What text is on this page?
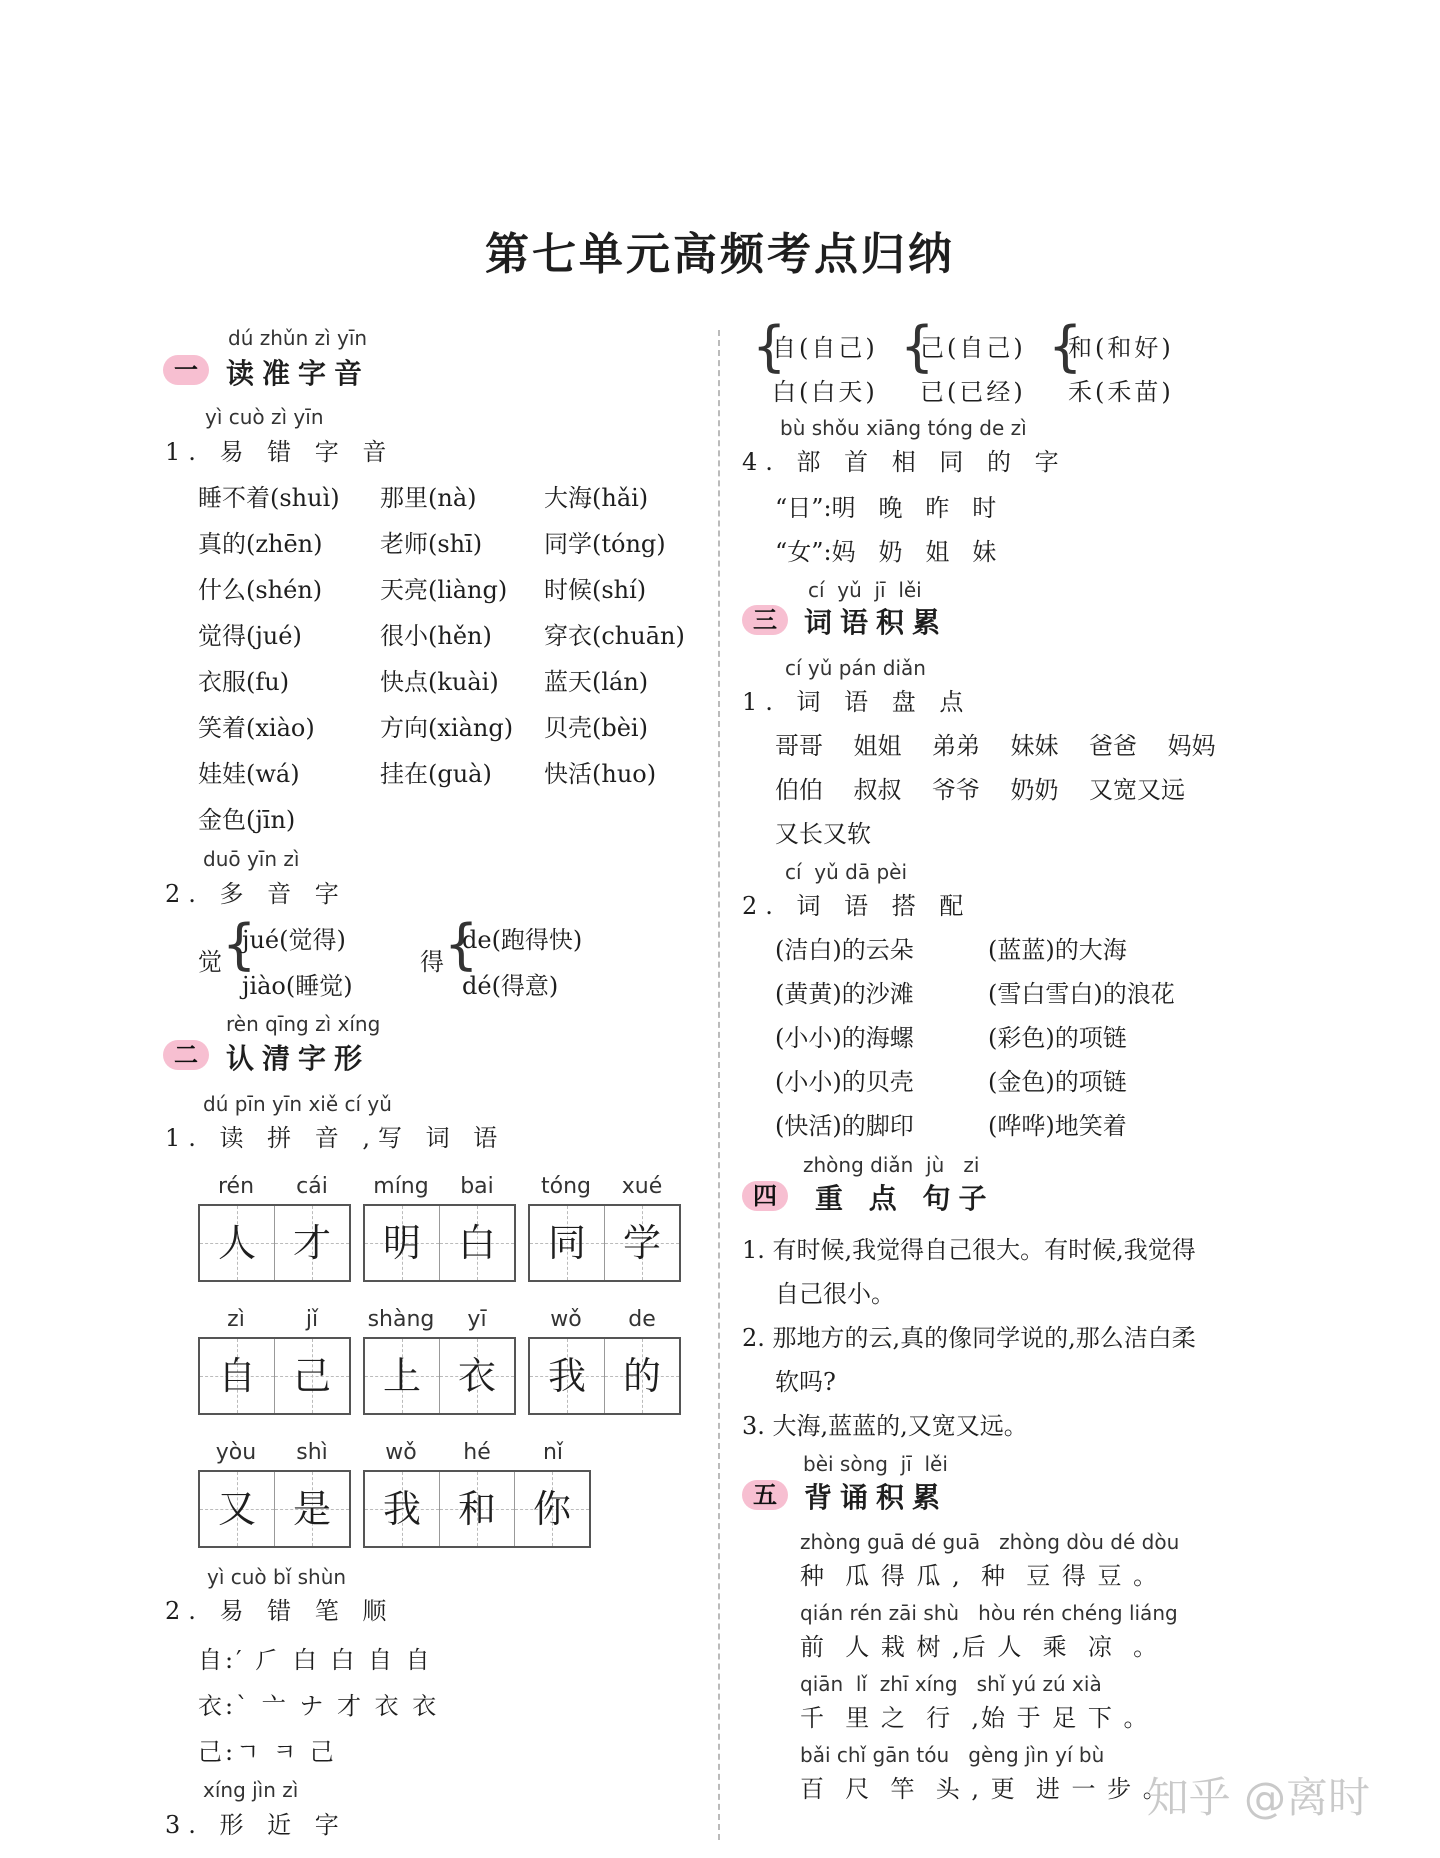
第七单元高频考点归纳
dú zhǔn zì yīn
一	读准字音
yì cuò zì yīn
1. 易 错 字 音
睡不着(shuì) 那里(nà)	大海(hǎi)
真的(zhēn) 老师(shī)	同学(tóng)
什么(shén) 天亮(liàng) 时候(shí)
觉得(jué)	很小(hěn) 穿衣(chuān)
衣服(fu)	快点(kuài) 蓝天(lán)
笑着(xiào)	方向(xiàng) 贝壳(bèi)
娃娃(wá)	挂在(guà) 快活(huo)
金色(jīn)
duō yīn zì
2. 多 音 字
觉 {
jué(觉得)
jiào(睡觉)
得 {
de(跑得快)
dé(得意)
rèn qīng zì xíng
二	认清字形
dú pīn yīn xiě cí yǔ
1. 读 拼 音 ,写 词 语
rén	cái
人 才
míng	bai
明 白
tóng	xué
同 学
zì	jǐ
自 己
shàng	yī
上 衣
wǒ	de
我 的
yòu	shì
又 是
wǒ	hé	nǐ
我 和 你
yì cuò bǐ shùn
2. 易 错 笔 顺
自:′ ⺁ 白 白 自 自
衣:` 亠 ナ 才 衣 衣
己:ㄱ ㅋ 己
xíng jìn zì
3. 形 近 字
{
自(自己)
白(白天)
{
己(自己)
已(已经)
{
和(和好)
禾(禾苗)
bù shǒu xiāng tóng de zì
4. 部 首 相 同 的 字
“日”:明   晚   昨   时
“女”:妈   奶   姐   妹
cí  yǔ  jī  lěi
三 词语积累
cí yǔ pán diǎn
1. 词 语 盘 点
哥哥    姐姐    弟弟    妹妹    爸爸    妈妈
伯伯    叔叔    爷爷    奶奶    又宽又远
又长又软
cí  yǔ dā pèi
2. 词 语 搭 配
(洁白)的云朵	(蓝蓝)的大海
(黄黄)的沙滩	(雪白雪白)的浪花
(小小)的海螺	(彩色)的项链
(小小)的贝壳	(金色)的项链
(快活)的脚印	(哗哗)地笑着
zhòng diǎn  jù   zi
四	重 点 句子
1. 有时候,我觉得自己很大。有时候,我觉得
自己很小。
2. 那地方的云,真的像同学说的,那么洁白柔
软吗?
3. 大海,蓝蓝的,又宽又远。
bèi sòng  jī  lěi
五 背诵积累
zhòng guā dé guā   zhòng dòu dé dòu
种  瓜 得 瓜 ,  种  豆 得 豆 。
qián rén zāi shù   hòu rén chéng liáng
前  人 栽 树 ,后 人  乘  凉  。
qiān  lǐ  zhī xíng   shǐ yú zú xià
千  里 之  行  ,始 于 足 下 。
bǎi chǐ gān tóu   gèng jìn yí bù
百  尺  竿  头 , 更  进 一 步 。
知乎 @离时
